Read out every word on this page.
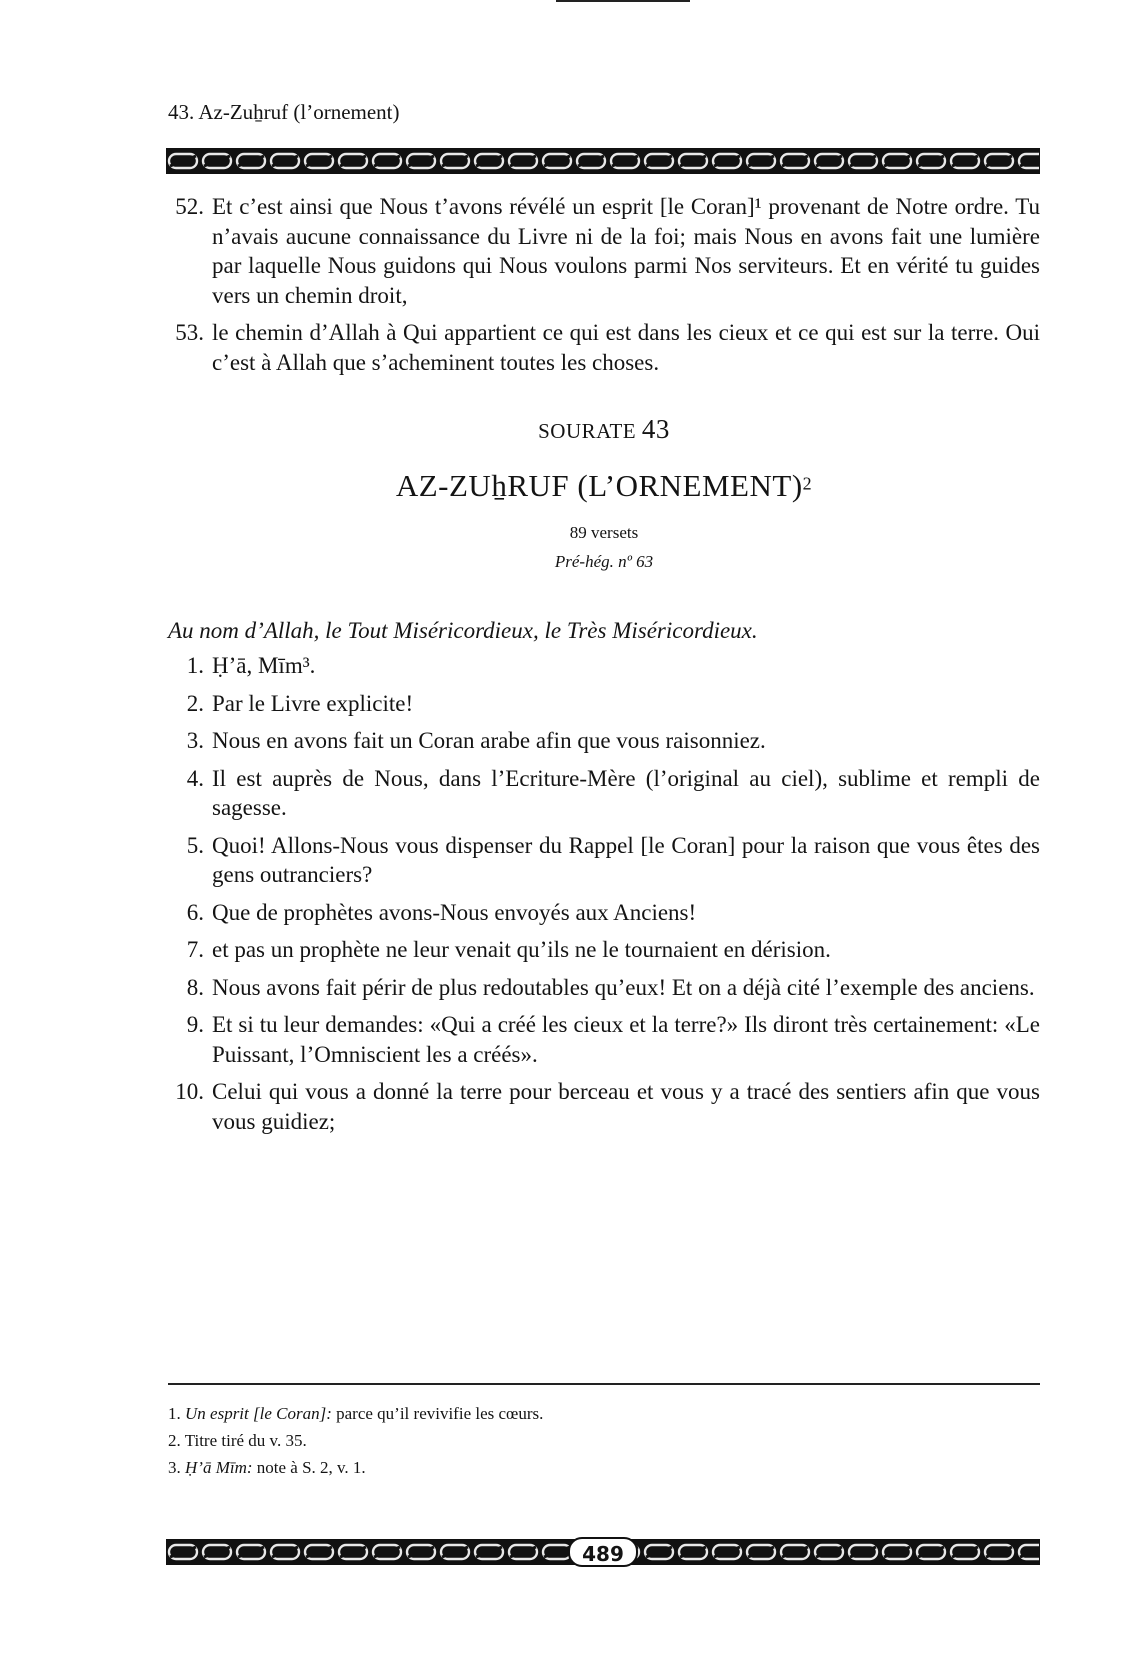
43. Az-Zuẖruf (l’ornement)
52. Et c’est ainsi que Nous t’avons révélé un esprit [le Coran]¹ provenant de Notre ordre. Tu n’avais aucune connaissance du Livre ni de la foi; mais Nous en avons fait une lumière par laquelle Nous guidons qui Nous voulons parmi Nos serviteurs. Et en vérité tu guides vers un chemin droit,
53. le chemin d’Allah à Qui appartient ce qui est dans les cieux et ce qui est sur la terre. Oui c’est à Allah que s’acheminent toutes les choses.
SOURATE 43
AZ-ZUẖRUF (L’ORNEMENT)$^2$
89 versets
Pré-hég. nº 63
Au nom d’Allah, le Tout Miséricordieux, le Très Miséricordieux.
1. Ḥ’ā, Mīm³.
2. Par le Livre explicite!
3. Nous en avons fait un Coran arabe afin que vous raisonniez.
4. Il est auprès de Nous, dans l’Ecriture-Mère (l’original au ciel), sublime et rempli de sagesse.
5. Quoi! Allons-Nous vous dispenser du Rappel [le Coran] pour la raison que vous êtes des gens outranciers?
6. Que de prophètes avons-Nous envoyés aux Anciens!
7. et pas un prophète ne leur venait qu’ils ne le tournaient en dérision.
8. Nous avons fait périr de plus redoutables qu’eux! Et on a déjà cité l’exemple des anciens.
9. Et si tu leur demandes: «Qui a créé les cieux et la terre?» Ils diront très certainement: «Le Puissant, l’Omniscient les a créés».
10. Celui qui vous a donné la terre pour berceau et vous y a tracé des sentiers afin que vous vous guidiez;
1. Un esprit [le Coran]: parce qu’il revivifie les cœurs.
2. Titre tiré du v. 35.
3. Ḥ’ā Mīm: note à S. 2, v. 1.
489
